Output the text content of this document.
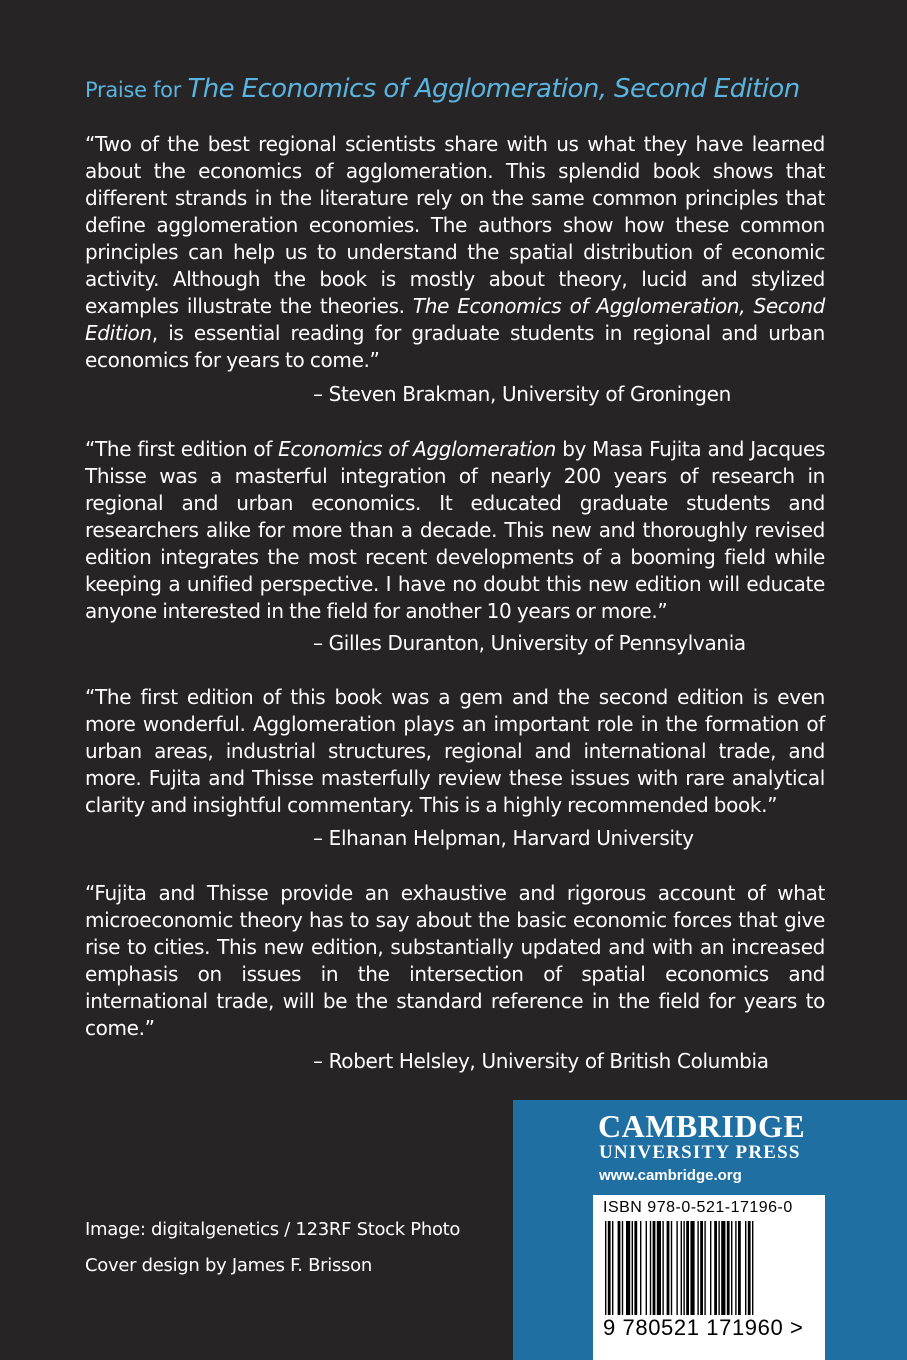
Praise for The Economics of Agglomeration, Second Edition
“Two of the best regional scientists share with us what they have learned about the economics of agglomeration. This splendid book shows that different strands in the literature rely on the same common principles that define agglomeration economies. The authors show how these common principles can help us to understand the spatial distribution of economic activity. Although the book is mostly about theory, lucid and stylized examples illustrate the theories. The Economics of Agglomeration, Second Edition, is essential reading for graduate students in regional and urban economics for years to come.”
– Steven Brakman, University of Groningen
“The first edition of Economics of Agglomeration by Masa Fujita and Jacques Thisse was a masterful integration of nearly 200 years of research in regional and urban economics. It educated graduate students and researchers alike for more than a decade. This new and thoroughly revised edition integrates the most recent developments of a booming field while keeping a unified perspective. I have no doubt this new edition will educate anyone interested in the field for another 10 years or more.”
– Gilles Duranton, University of Pennsylvania
“The first edition of this book was a gem and the second edition is even more wonderful. Agglomeration plays an important role in the formation of urban areas, industrial structures, regional and international trade, and more. Fujita and Thisse masterfully review these issues with rare analytical clarity and insightful commentary. This is a highly recommended book.”
– Elhanan Helpman, Harvard University
“Fujita and Thisse provide an exhaustive and rigorous account of what microeconomic theory has to say about the basic economic forces that give rise to cities. This new edition, substantially updated and with an increased emphasis on issues in the intersection of spatial economics and international trade, will be the standard reference in the field for years to come.”
– Robert Helsley, University of British Columbia
Image: digitalgenetics / 123RF Stock Photo
Cover design by James F. Brisson
CAMBRIDGE
UNIVERSITY PRESS
www.cambridge.org
ISBN 978-0-521-17196-0
9 780521 171960 >
